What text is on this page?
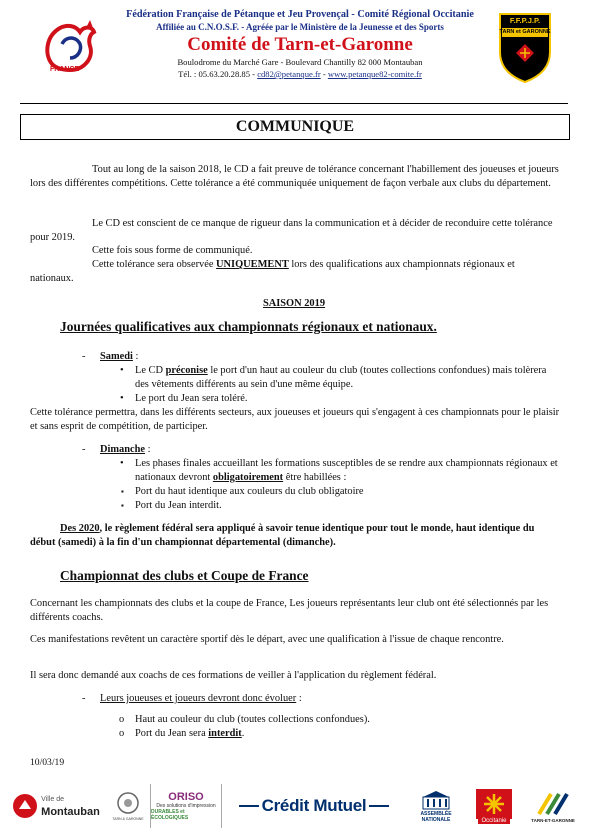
FRANCE
Fédération Française de Pétanque et Jeu Provençal - Comité Régional Occitanie
Affiliée au C.N.O.S.F. - Agréée par le Ministère de la Jeunesse et des Sports
Comité de Tarn-et-Garonne
Boulodrome du Marché Gare - Boulevard Chantilly 82 000 Montauban
Tél. : 05.63.20.28.85 - cd82@petanque.fr - www.petanque82-comite.fr
F.F.P.J.P.
TARN et GARONNE
COMMUNIQUE
Tout au long de la saison 2018, le CD a fait preuve de tolérance concernant l'habillement des joueuses et joueurs lors des différentes compétitions. Cette tolérance a été communiquée uniquement de façon verbale aux clubs du département.
Le CD est conscient de ce manque de rigueur dans la communication et à décider de reconduire cette tolérance pour 2019.
Cette fois sous forme de communiqué.
Cette tolérance sera observée UNIQUEMENT lors des qualifications aux championnats régionaux et nationaux.
SAISON 2019
Journées qualificatives aux championnats régionaux et nationaux.
- Samedi :
• Le CD préconise le port d'un haut au couleur du club (toutes collections confondues) mais tolèrera des vêtements différents au sein d'une même équipe.
• Le port du Jean sera toléré.
Cette tolérance permettra, dans les différents secteurs, aux joueuses et joueurs qui s'engagent à ces championnats pour le plaisir et sans esprit de compétition, de participer.
- Dimanche :
• Les phases finales accueillant les formations susceptibles de se rendre aux championnats régionaux et nationaux devront obligatoirement être habillées :
▪ Port du haut identique aux couleurs du club obligatoire
▪ Port du Jean interdit.
Des 2020, le règlement fédéral sera appliqué à savoir tenue identique pour tout le monde, haut identique du début (samedi) à la fin d'un championnat départemental (dimanche).
Championnat des clubs et Coupe de France
Concernant les championnats des clubs et la coupe de France, Les joueurs représentants leur club ont été sélectionnés par les différents coachs.
Ces manifestations revêtent un caractère sportif dès le départ, avec une qualification à l'issue de chaque rencontre.
Il sera donc demandé aux coachs de ces formations de veiller à l'application du règlement fédéral.
- Leurs joueuses et joueurs devront donc évoluer :
o Haut au couleur du club (toutes collections confondues).
o Port du Jean sera interdit.
10/03/19
Ville de
Montauban
TARN & GARONNE
ORISO
Des solutions d'impression
DURABLES et ÉCOLOGIQUES
Crédit Mutuel	ASSEMBLÉE NATIONALE	Occitanie	TARN-ET-GARONNE
